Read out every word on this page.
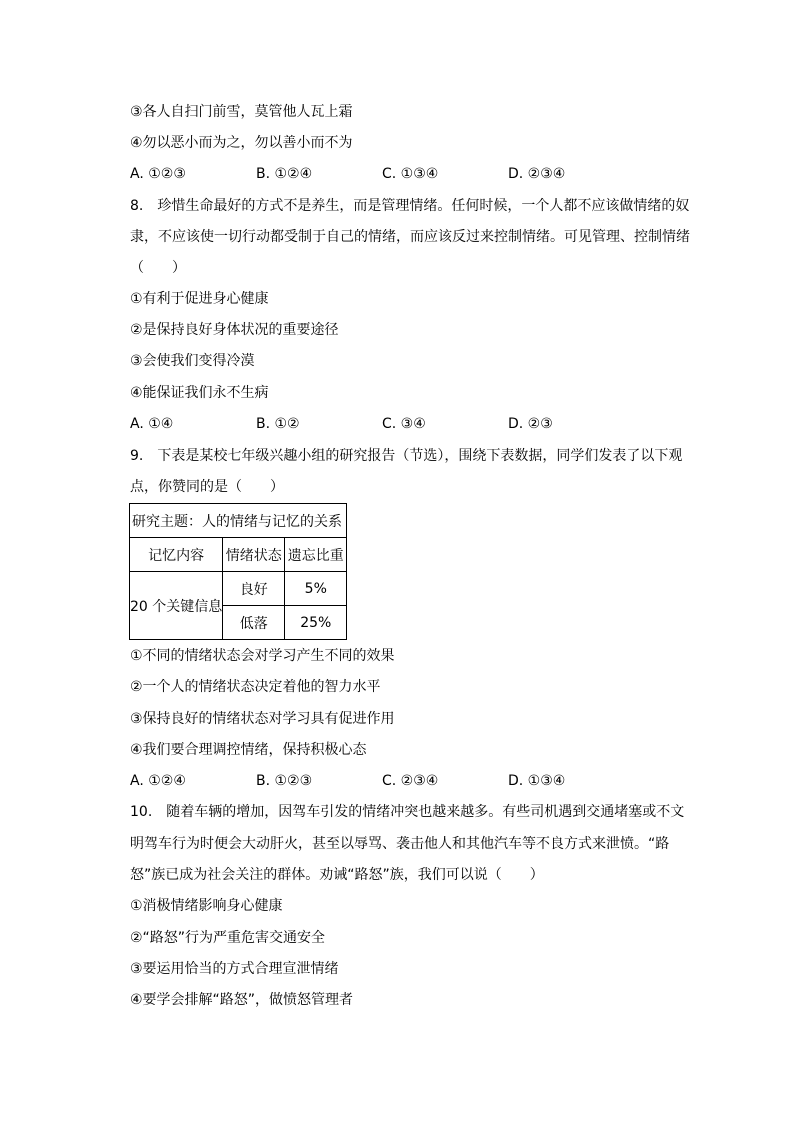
③各人自扫门前雪，莫管他人瓦上霜
④勿以恶小而为之，勿以善小而不为
A. ①②③	B. ①②④	C. ①③④	D. ②③④
8.　珍惜生命最好的方式不是养生，而是管理情绪。任何时候，一个人都不应该做情绪的奴
隶，不应该使一切行动都受制于自己的情绪，而应该反过来控制情绪。可见管理、控制情绪
（　　）
①有利于促进身心健康
②是保持良好身体状况的重要途径
③会使我们变得冷漠
④能保证我们永不生病
A. ①④	B. ①②	C. ③④	D. ②③
9.　下表是某校七年级兴趣小组的研究报告（节选），围绕下表数据，同学们发表了以下观
点，你赞同的是（　　）
研究主题：人的情绪与记忆的关系		
记忆内容	情绪状态	遗忘比重
20 个关键信息	良好	5%
	低落	25%
①不同的情绪状态会对学习产生不同的效果
②一个人的情绪状态决定着他的智力水平
③保持良好的情绪状态对学习具有促进作用
④我们要合理调控情绪，保持积极心态
A. ①②④	B. ①②③	C. ②③④	D. ①③④
10.　随着车辆的增加，因驾车引发的情绪冲突也越来越多。有些司机遇到交通堵塞或不文明驾车行为时便会大动肝火，甚至以辱骂、袭击他人和其他汽车等不良方式来泄愤。“路怒”族已成为社会关注的群体。劝诫“路怒”族，我们可以说（　　）
①消极情绪影响身心健康
②“路怒”行为严重危害交通安全
③要运用恰当的方式合理宣泄情绪
④要学会排解“路怒”，做愤怒管理者
